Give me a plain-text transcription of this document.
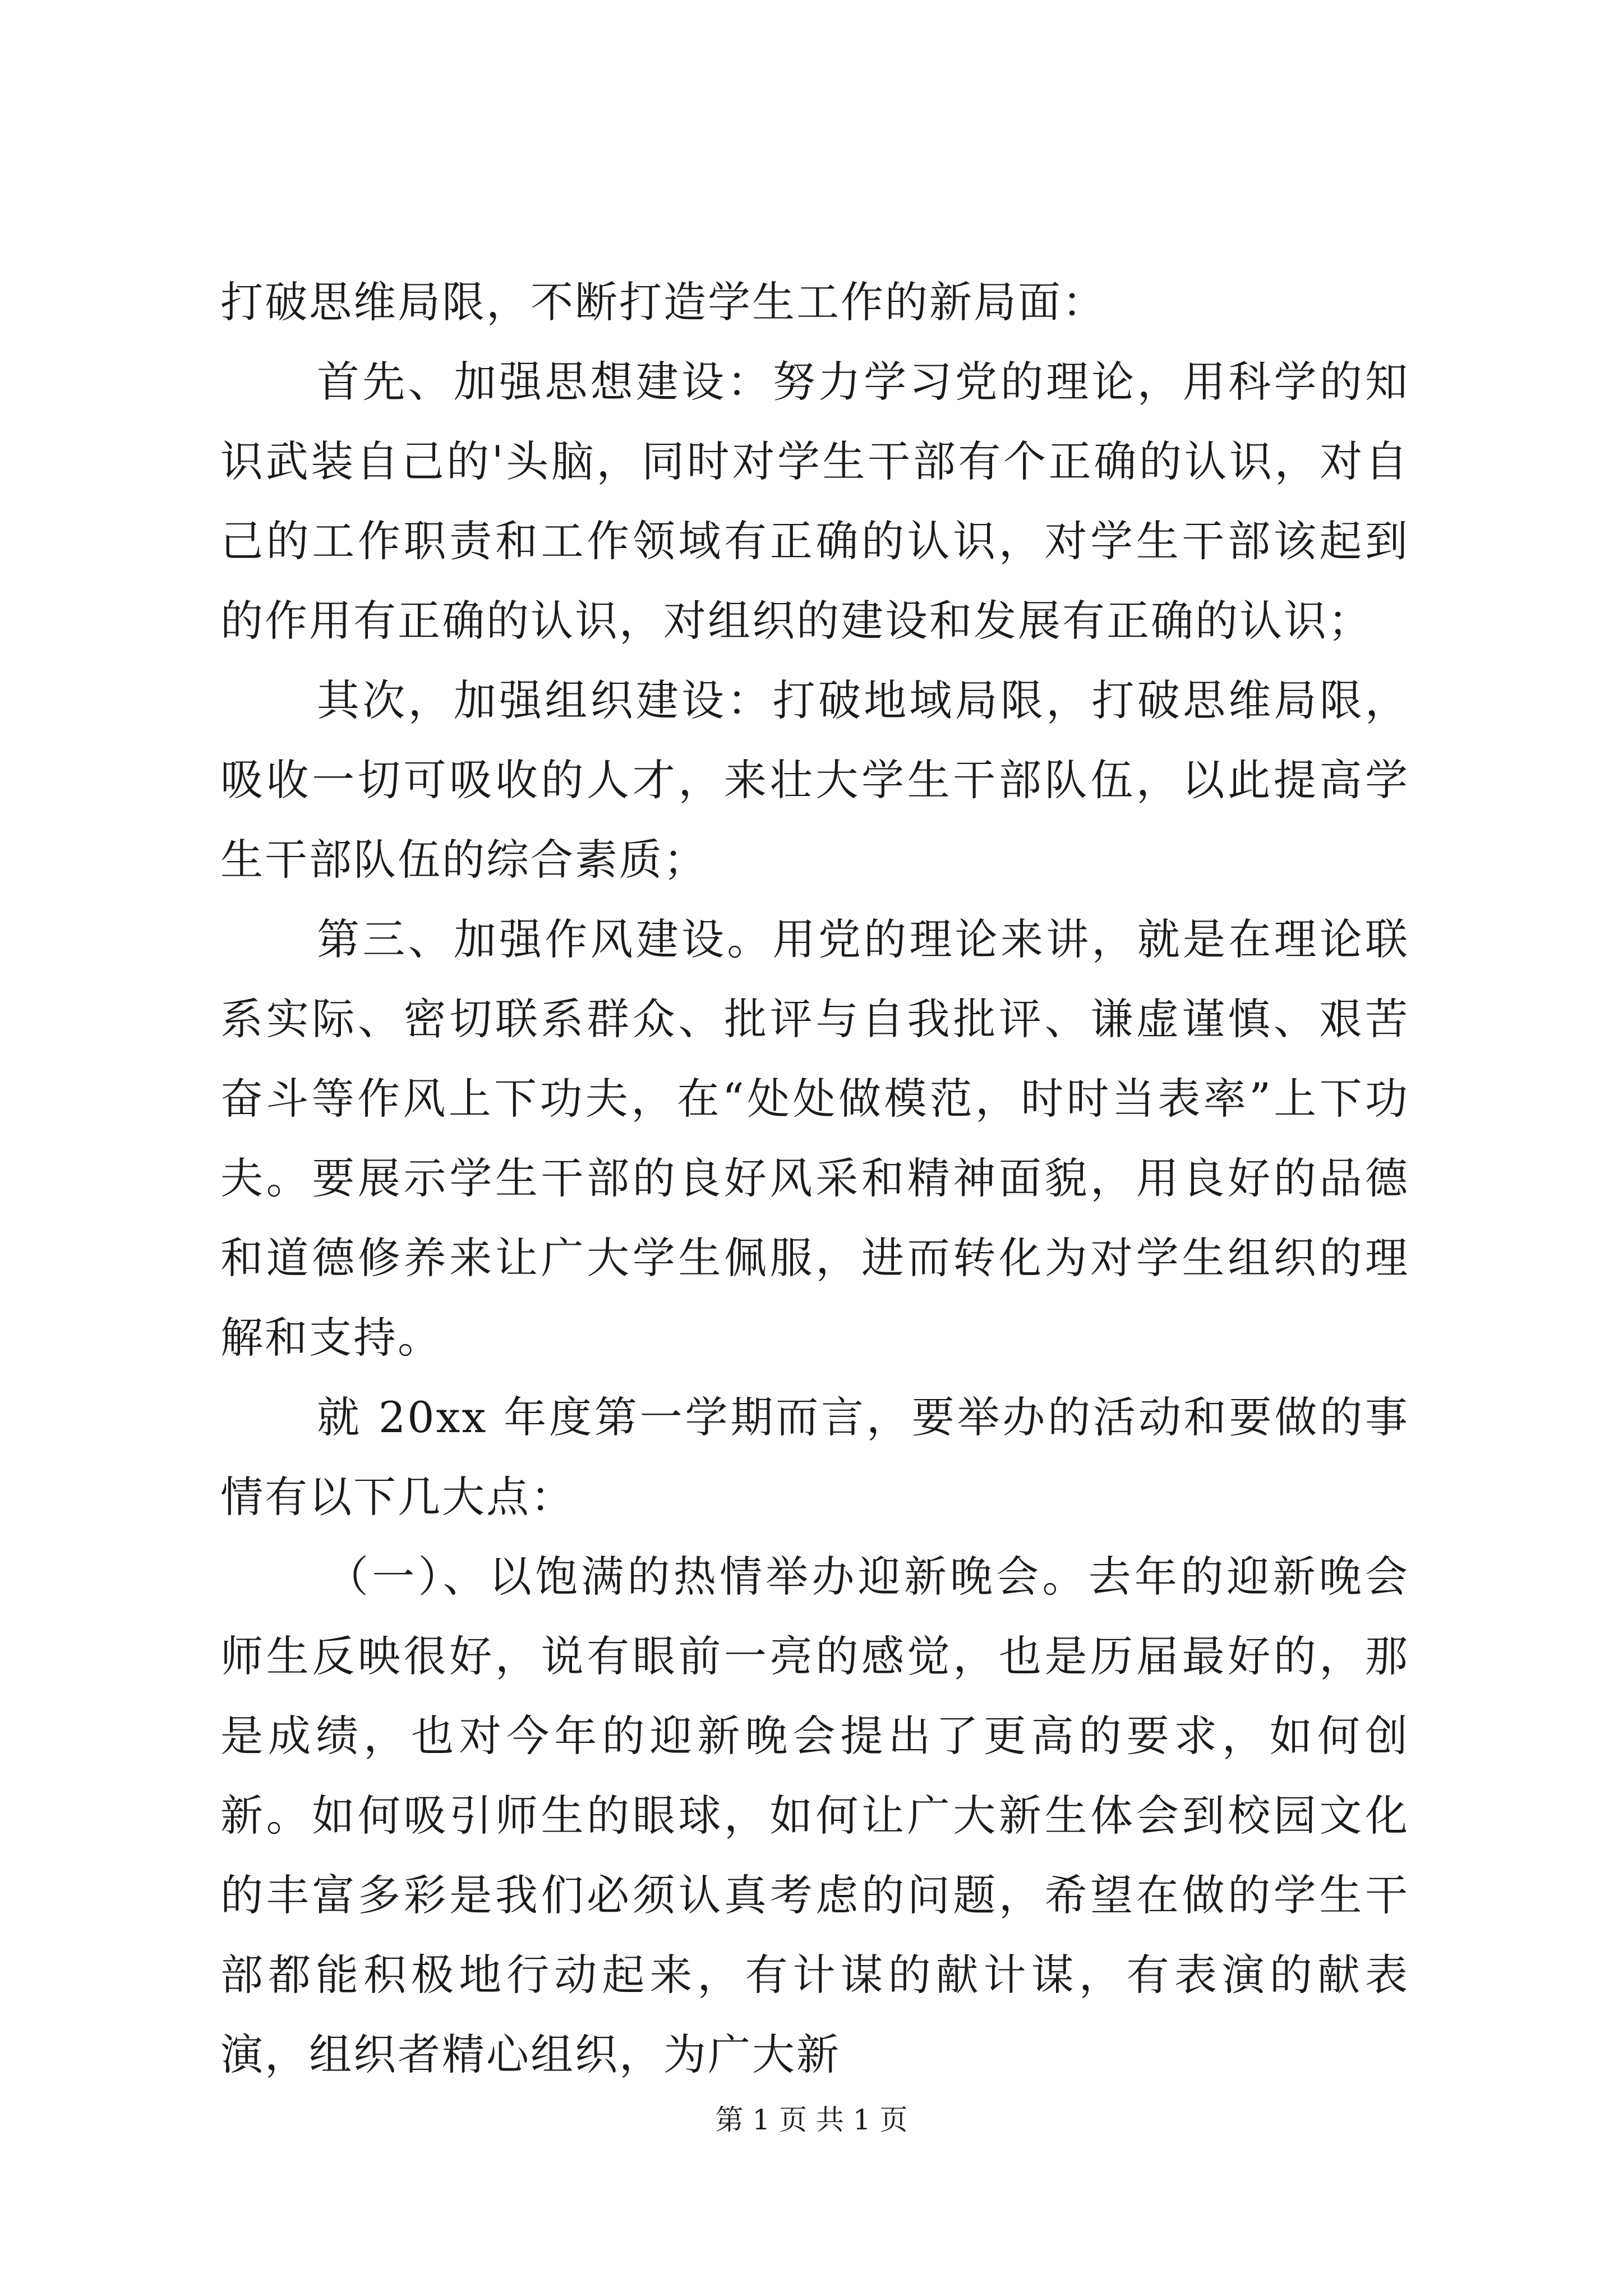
打破思维局限，不断打造学生工作的新局面：

首先、加强思想建设：努力学习党的理论，用科学的知识武装自己的'头脑，同时对学生干部有个正确的认识，对自己的工作职责和工作领域有正确的认识，对学生干部该起到的作用有正确的认识，对组织的建设和发展有正确的认识；

其次，加强组织建设：打破地域局限，打破思维局限，吸收一切可吸收的人才，来壮大学生干部队伍，以此提高学生干部队伍的综合素质；

第三、加强作风建设。用党的理论来讲，就是在理论联系实际、密切联系群众、批评与自我批评、谦虚谨慎、艰苦奋斗等作风上下功夫，在“处处做模范，时时当表率”上下功夫。要展示学生干部的良好风采和精神面貌，用良好的品德和道德修养来让广大学生佩服，进而转化为对学生组织的理解和支持。

就 20xx 年度第一学期而言，要举办的活动和要做的事情有以下几大点：

（一）、以饱满的热情举办迎新晚会。去年的迎新晚会师生反映很好，说有眼前一亮的感觉，也是历届最好的，那是成绩，也对今年的迎新晚会提出了更高的要求，如何创新。如何吸引师生的眼球，如何让广大新生体会到校园文化的丰富多彩是我们必须认真考虑的问题，希望在做的学生干部都能积极地行动起来，有计谋的献计谋，有表演的献表演，组织者精心组织，为广大新

第 1 页 共 1 页
